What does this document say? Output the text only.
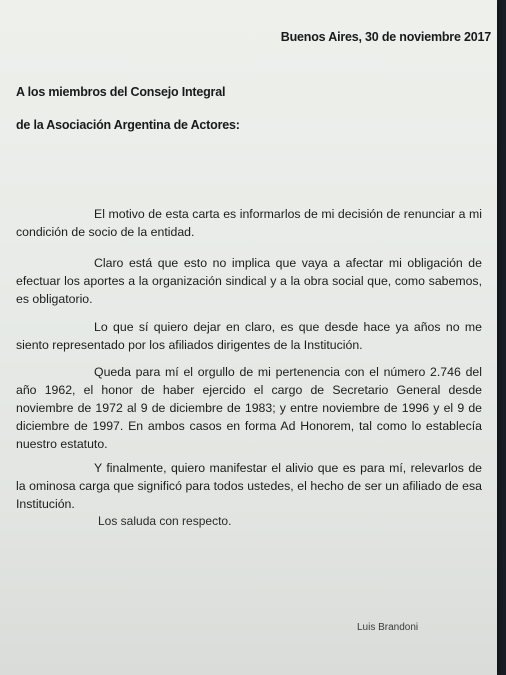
Buenos Aires, 30 de noviembre 2017
A los miembros del Consejo Integral
de la Asociación Argentina de Actores:

El motivo de esta carta es informarlos de mi decisión de renunciar a mi condición de socio de la entidad.

Claro está que esto no implica que vaya a afectar mi obligación de efectuar los aportes a la organización sindical y a la obra social que, como sabemos, es obligatorio.

Lo que sí quiero dejar en claro, es que desde hace ya años no me siento representado por los afiliados dirigentes de la Institución.

Queda para mí el orgullo de mi pertenencia con el número 2.746 del año 1962, el honor de haber ejercido el cargo de Secretario General desde noviembre de 1972 al 9 de diciembre de 1983; y entre noviembre de 1996 y el 9 de diciembre de 1997. En ambos casos en forma Ad Honorem, tal como lo establecía nuestro estatuto.

Y finalmente, quiero manifestar el alivio que es para mí, relevarlos de la ominosa carga que significó para todos ustedes, el hecho de ser un afiliado de esa Institución.

Los saluda con respecto.
Luis Brandoni
